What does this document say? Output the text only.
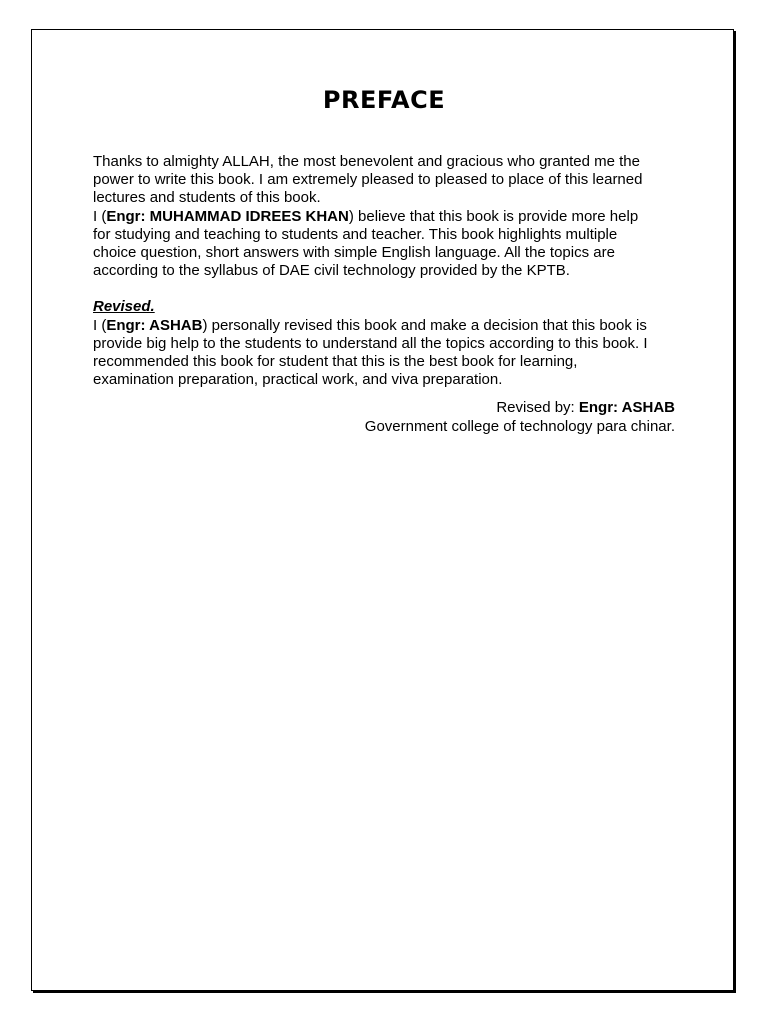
PREFACE

Thanks to almighty ALLAH, the most benevolent and gracious who granted me the
power to write this book. I am extremely pleased to pleased to place of this learned
lectures and students of this book.

I (Engr: MUHAMMAD IDREES KHAN) believe that this book is provide more help
for studying and teaching to students and teacher. This book highlights multiple
choice question, short answers with simple English language. All the topics are
according to the syllabus of DAE civil technology provided by the KPTB.

Revised.
I (Engr: ASHAB) personally revised this book and make a decision that this book is
provide big help to the students to understand all the topics according to this book. I
recommended this book for student that this is the best book for learning,
examination preparation, practical work, and viva preparation.

Revised by: Engr: ASHAB
Government college of technology para chinar.
